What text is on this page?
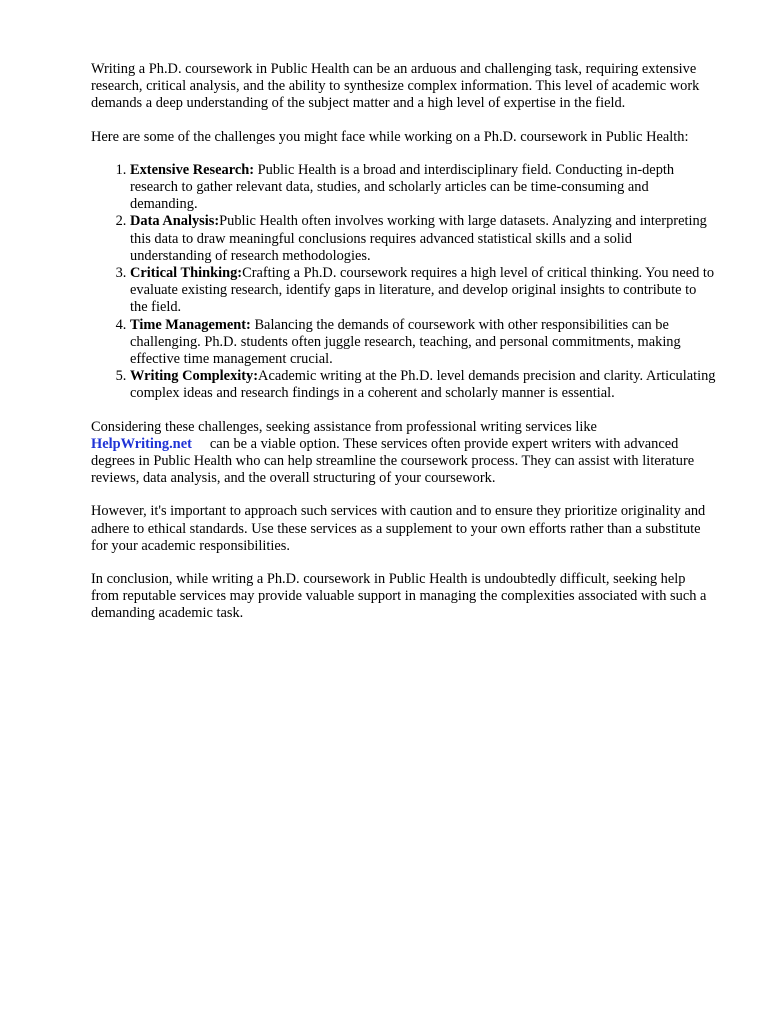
Writing a Ph.D. coursework in Public Health can be an arduous and challenging task, requiring extensive research, critical analysis, and the ability to synthesize complex information. This level of academic work demands a deep understanding of the subject matter and a high level of expertise in the field.

Here are some of the challenges you might face while working on a Ph.D. coursework in Public Health:

1. Extensive Research: Public Health is a broad and interdisciplinary field. Conducting in-depth research to gather relevant data, studies, and scholarly articles can be time-consuming and demanding.
2. Data Analysis:Public Health often involves working with large datasets. Analyzing and interpreting this data to draw meaningful conclusions requires advanced statistical skills and a solid understanding of research methodologies.
3. Critical Thinking:Crafting a Ph.D. coursework requires a high level of critical thinking. You need to evaluate existing research, identify gaps in literature, and develop original insights to contribute to the field.
4. Time Management: Balancing the demands of coursework with other responsibilities can be challenging. Ph.D. students often juggle research, teaching, and personal commitments, making effective time management crucial.
5. Writing Complexity:Academic writing at the Ph.D. level demands precision and clarity. Articulating complex ideas and research findings in a coherent and scholarly manner is essential.

Considering these challenges, seeking assistance from professional writing services like
HelpWriting.net can be a viable option. These services often provide expert writers with advanced degrees in Public Health who can help streamline the coursework process. They can assist with literature reviews, data analysis, and the overall structuring of your coursework.

However, it's important to approach such services with caution and to ensure they prioritize originality and adhere to ethical standards. Use these services as a supplement to your own efforts rather than a substitute for your academic responsibilities.

In conclusion, while writing a Ph.D. coursework in Public Health is undoubtedly difficult, seeking help from reputable services may provide valuable support in managing the complexities associated with such a demanding academic task.
